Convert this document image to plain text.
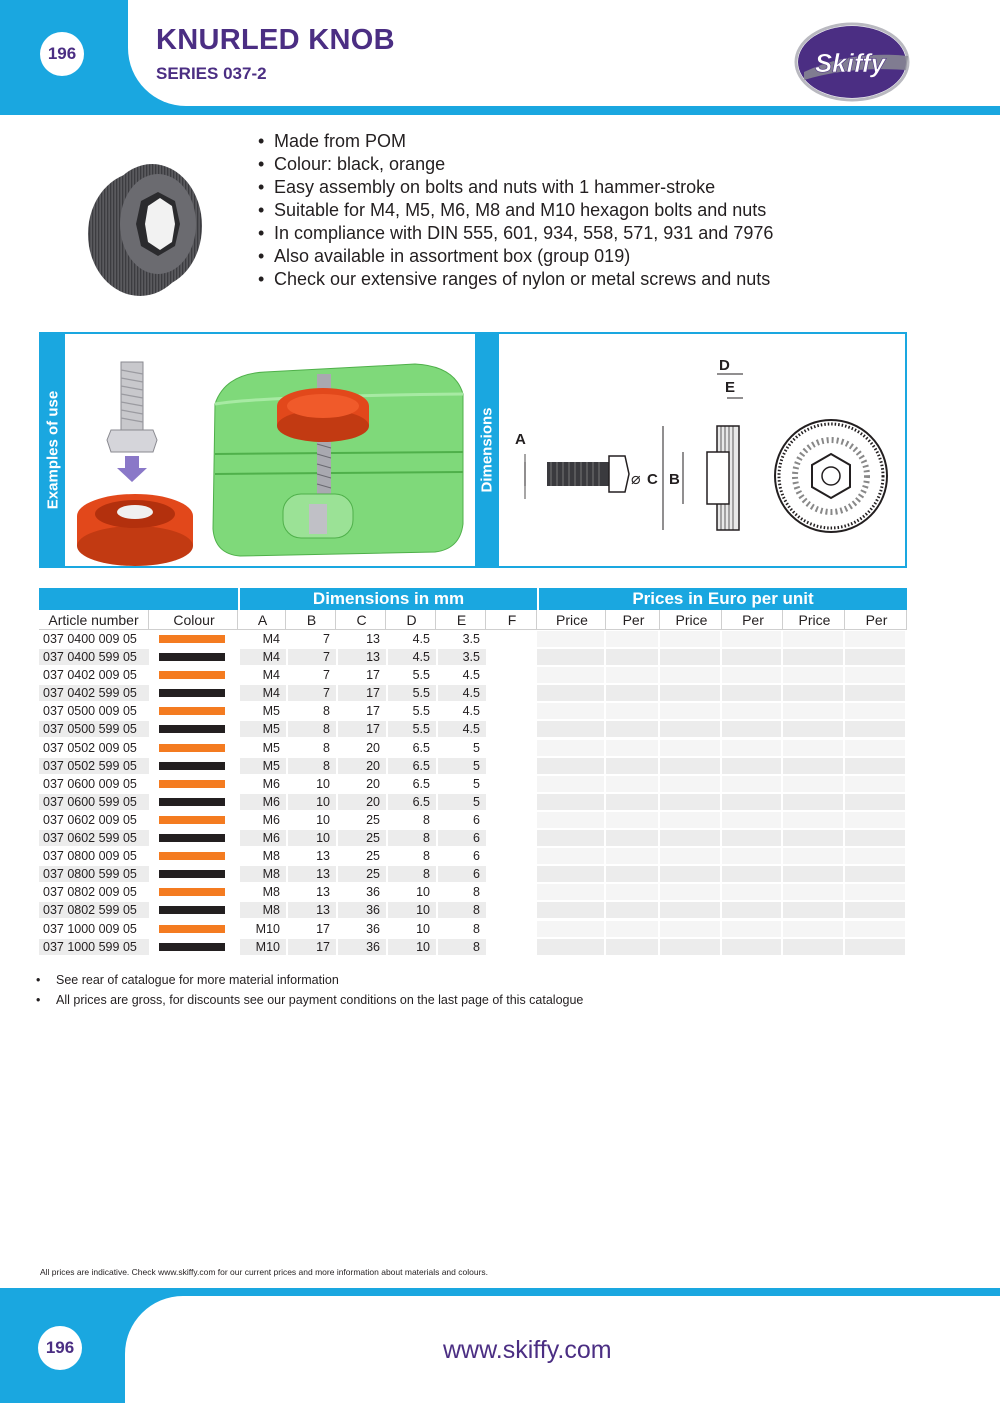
196	KNURLED KNOB
SERIES 037-2	Skiffy
• Made from POM
• Colour: black, orange
• Easy assembly on bolts and nuts with 1 hammer-stroke
• Suitable for M4, M5, M6, M8 and M10 hexagon bolts and nuts
• In compliance with DIN 555, 601, 934, 558, 571, 931 and 7976
• Also available in assortment box (group 019)
• Check our extensive ranges of nylon or metal screws and nuts
Examples of use	Dimensions
D
E
A
C B
⌀
Dimensions in mm	Prices in Euro per unit
Article number	Colour	A	B	C	D	E	F	Price	Per	Price	Per	Price	Per
037 0400 009 05	M4	7	13	4.5	3.5
037 0400 599 05	M4	7	13	4.5	3.5
037 0402 009 05	M4	7	17	5.5	4.5
037 0402 599 05	M4	7	17	5.5	4.5
037 0500 009 05	M5	8	17	5.5	4.5
037 0500 599 05	M5	8	17	5.5	4.5
037 0502 009 05	M5	8	20	6.5	5
037 0502 599 05	M5	8	20	6.5	5
037 0600 009 05	M6	10	20	6.5	5
037 0600 599 05	M6	10	20	6.5	5
037 0602 009 05	M6	10	25	8	6
037 0602 599 05	M6	10	25	8	6
037 0800 009 05	M8	13	25	8	6
037 0800 599 05	M8	13	25	8	6
037 0802 009 05	M8	13	36	10	8
037 0802 599 05	M8	13	36	10	8
037 1000 009 05	M10	17	36	10	8
037 1000 599 05	M10	17	36	10	8
• See rear of catalogue for more material information
• All prices are gross, for discounts see our payment conditions on the last page of this catalogue
All prices are indicative. Check www.skiffy.com for our current prices and more information about materials and colours.
196	www.skiffy.com
